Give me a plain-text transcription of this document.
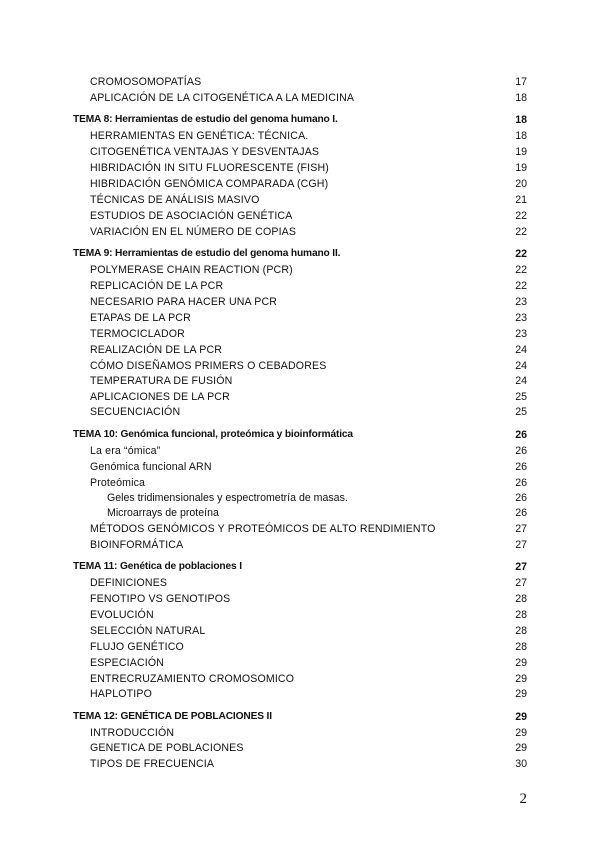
CROMOSOMOPATÍAS	17
APLICACIÓN DE LA CITOGENÉTICA A LA MEDICINA	18
TEMA 8: Herramientas de estudio del genoma humano I.	18
HERRAMIENTAS EN GENÉTICA: TÉCNICA.	18
CITOGENÉTICA VENTAJAS Y DESVENTAJAS	19
HIBRIDACIÓN IN SITU FLUORESCENTE (FISH)	19
HIBRIDACIÓN GENÓMICA COMPARADA (CGH)	20
TÉCNICAS DE ANÁLISIS MASIVO	21
ESTUDIOS DE ASOCIACIÓN GENÉTICA	22
VARIACIÓN EN EL NÚMERO DE COPIAS	22
TEMA 9: Herramientas de estudio del genoma humano II.	22
POLYMERASE CHAIN REACTION (PCR)	22
REPLICACIÓN DE LA PCR	22
NECESARIO PARA HACER UNA PCR	23
ETAPAS DE LA PCR	23
TERMOCICLADOR	23
REALIZACIÓN DE LA PCR	24
CÓMO DISEÑAMOS PRIMERS O CEBADORES	24
TEMPERATURA DE FUSIÓN	24
APLICACIONES DE LA PCR	25
SECUENCIACIÓN	25
TEMA 10: Genómica funcional, proteómica y bioinformática	26
La era “ómica”	26
Genómica funcional ARN	26
Proteómica	26
Geles tridimensionales y espectrometría de masas.	26
Microarrays de proteína	26
MÉTODOS GENÓMICOS Y PROTEÓMICOS DE ALTO RENDIMIENTO	27
BIOINFORMÁTICA	27
TEMA 11: Genética de poblaciones I	27
DEFINICIONES	27
FENOTIPO VS GENOTIPOS	28
EVOLUCIÓN	28
SELECCIÓN NATURAL	28
FLUJO GENÉTICO	28
ESPECIACIÓN	29
ENTRECRUZAMIENTO CROMOSOMICO	29
HAPLOTIPO	29
TEMA 12: GENÉTICA DE POBLACIONES II	29
INTRODUCCIÓN	29
GENETICA DE POBLACIONES	29
TIPOS DE FRECUENCIA	30
2
